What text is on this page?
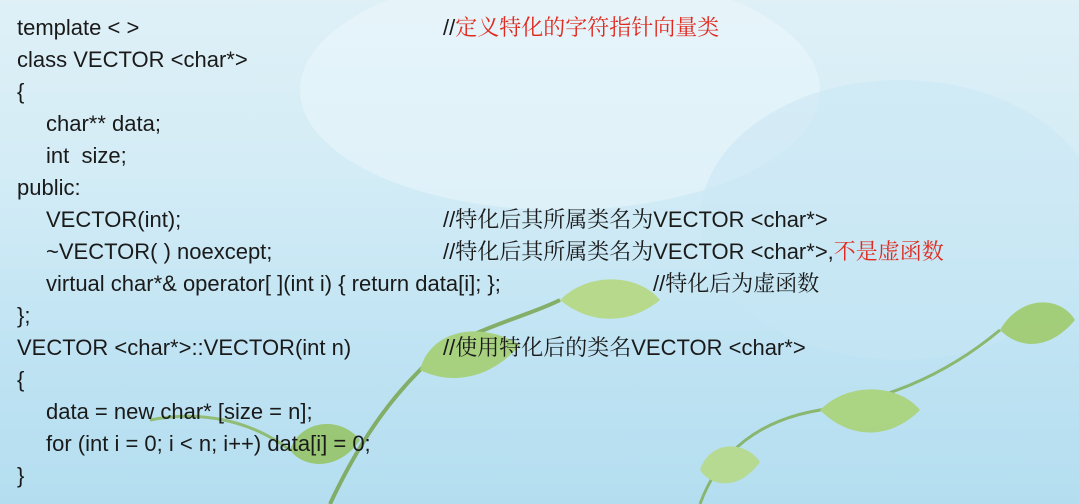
template < >	//定义特化的字符指针向量类
class VECTOR <char*>
{
char** data;
int  size;
public:
VECTOR(int);	//特化后其所属类名为VECTOR <char*>
~VECTOR( ) noexcept;	//特化后其所属类名为VECTOR <char*>,不是虚函数
virtual char*& operator[ ](int i) { return data[i]; };	//特化后为虚函数
};
VECTOR <char*>::VECTOR(int n)	//使用特化后的类名VECTOR <char*>
{
data = new char* [size = n];
for (int i = 0; i < n; i++) data[i] = 0;
}
